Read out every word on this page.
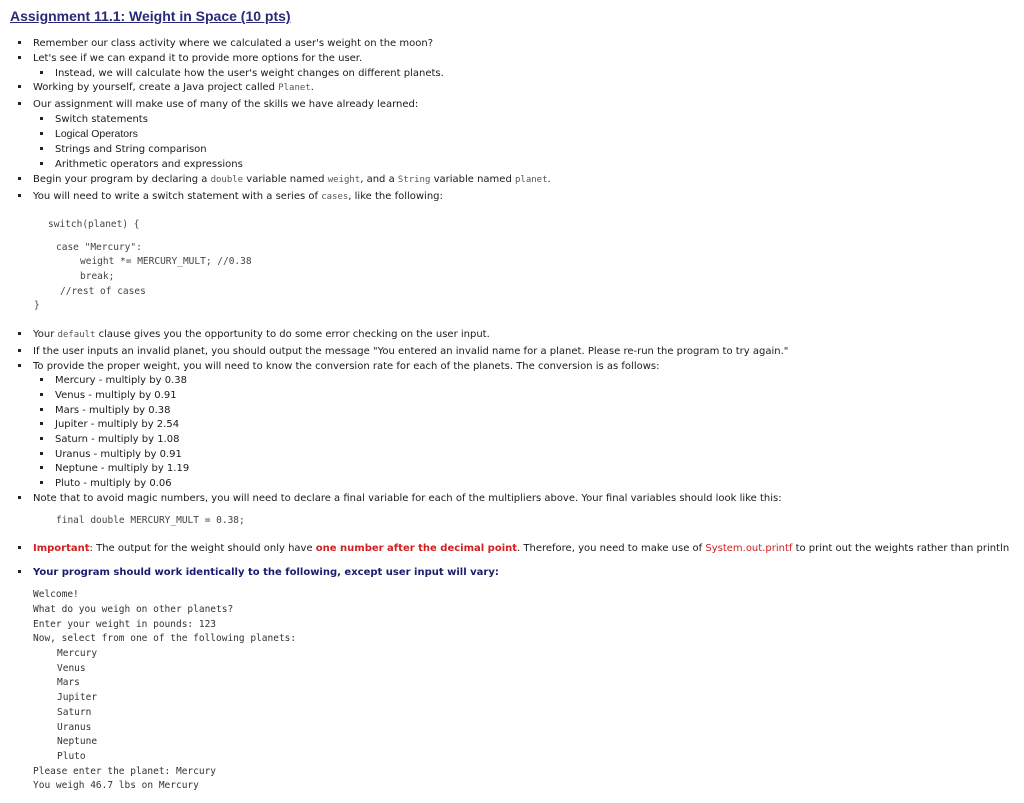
Assignment 11.1: Weight in Space (10 pts)
Remember our class activity where we calculated a user's weight on the moon?
Let's see if we can expand it to provide more options for the user.
Instead, we will calculate how the user's weight changes on different planets.
Working by yourself, create a Java project called Planet.
Our assignment will make use of many of the skills we have already learned:
Switch statements
Logical Operators
Strings and String comparison
Arithmetic operators and expressions
Begin your program by declaring a double variable named weight, and a String variable named planet.
You will need to write a switch statement with a series of cases, like the following:
switch(planet) {
case "Mercury":
weight *= MERCURY_MULT; //0.38
break;
//rest of cases
}
Your default clause gives you the opportunity to do some error checking on the user input.
If the user inputs an invalid planet, you should output the message "You entered an invalid name for a planet. Please re-run the program to try again."
To provide the proper weight, you will need to know the conversion rate for each of the planets. The conversion is as follows:
Mercury - multiply by 0.38
Venus - multiply by 0.91
Mars - multiply by 0.38
Jupiter - multiply by 2.54
Saturn - multiply by 1.08
Uranus - multiply by 0.91
Neptune - multiply by 1.19
Pluto - multiply by 0.06
Note that to avoid magic numbers, you will need to declare a final variable for each of the multipliers above. Your final variables should look like this:
final double MERCURY_MULT = 0.38;
Important: The output for the weight should only have one number after the decimal point. Therefore, you need to make use of System.out.printf to print out the weights rather than println
Your program should work identically to the following, except user input will vary:
Welcome!
What do you weigh on other planets?
Enter your weight in pounds: 123
Now, select from one of the following planets:
Mercury
Venus
Mars
Jupiter
Saturn
Uranus
Neptune
Pluto
Please enter the planet: Mercury
You weigh 46.7 lbs on Mercury
